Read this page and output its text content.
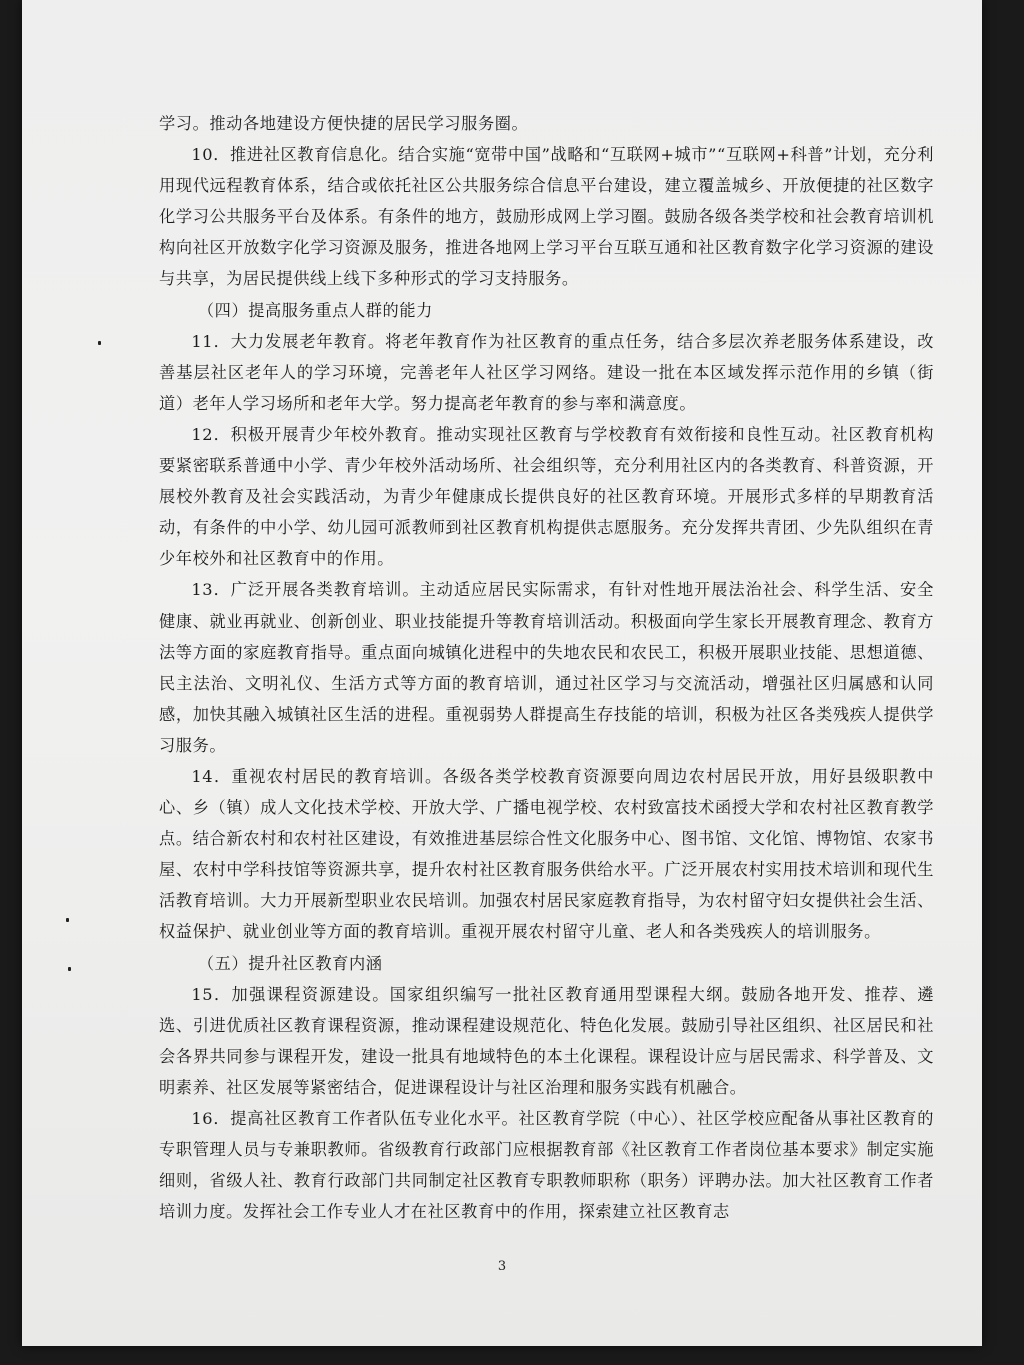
学习。推动各地建设方便快捷的居民学习服务圈。

10．推进社区教育信息化。结合实施“宽带中国”战略和“互联网+城市”“互联网+科普”计划，充分利用现代远程教育体系，结合或依托社区公共服务综合信息平台建设，建立覆盖城乡、开放便捷的社区数字化学习公共服务平台及体系。有条件的地方，鼓励形成网上学习圈。鼓励各级各类学校和社会教育培训机构向社区开放数字化学习资源及服务，推进各地网上学习平台互联互通和社区教育数字化学习资源的建设与共享，为居民提供线上线下多种形式的学习支持服务。

（四）提高服务重点人群的能力

11．大力发展老年教育。将老年教育作为社区教育的重点任务，结合多层次养老服务体系建设，改善基层社区老年人的学习环境，完善老年人社区学习网络。建设一批在本区域发挥示范作用的乡镇（街道）老年人学习场所和老年大学。努力提高老年教育的参与率和满意度。

12．积极开展青少年校外教育。推动实现社区教育与学校教育有效衔接和良性互动。社区教育机构要紧密联系普通中小学、青少年校外活动场所、社会组织等，充分利用社区内的各类教育、科普资源，开展校外教育及社会实践活动，为青少年健康成长提供良好的社区教育环境。开展形式多样的早期教育活动，有条件的中小学、幼儿园可派教师到社区教育机构提供志愿服务。充分发挥共青团、少先队组织在青少年校外和社区教育中的作用。

13．广泛开展各类教育培训。主动适应居民实际需求，有针对性地开展法治社会、科学生活、安全健康、就业再就业、创新创业、职业技能提升等教育培训活动。积极面向学生家长开展教育理念、教育方法等方面的家庭教育指导。重点面向城镇化进程中的失地农民和农民工，积极开展职业技能、思想道德、民主法治、文明礼仪、生活方式等方面的教育培训，通过社区学习与交流活动，增强社区归属感和认同感，加快其融入城镇社区生活的进程。重视弱势人群提高生存技能的培训，积极为社区各类残疾人提供学习服务。

14．重视农村居民的教育培训。各级各类学校教育资源要向周边农村居民开放，用好县级职教中心、乡（镇）成人文化技术学校、开放大学、广播电视学校、农村致富技术函授大学和农村社区教育教学点。结合新农村和农村社区建设，有效推进基层综合性文化服务中心、图书馆、文化馆、博物馆、农家书屋、农村中学科技馆等资源共享，提升农村社区教育服务供给水平。广泛开展农村实用技术培训和现代生活教育培训。大力开展新型职业农民培训。加强农村居民家庭教育指导，为农村留守妇女提供社会生活、权益保护、就业创业等方面的教育培训。重视开展农村留守儿童、老人和各类残疾人的培训服务。

（五）提升社区教育内涵

15．加强课程资源建设。国家组织编写一批社区教育通用型课程大纲。鼓励各地开发、推荐、遴选、引进优质社区教育课程资源，推动课程建设规范化、特色化发展。鼓励引导社区组织、社区居民和社会各界共同参与课程开发，建设一批具有地域特色的本土化课程。课程设计应与居民需求、科学普及、文明素养、社区发展等紧密结合，促进课程设计与社区治理和服务实践有机融合。

16．提高社区教育工作者队伍专业化水平。社区教育学院（中心）、社区学校应配备从事社区教育的专职管理人员与专兼职教师。省级教育行政部门应根据教育部《社区教育工作者岗位基本要求》制定实施细则，省级人社、教育行政部门共同制定社区教育专职教师职称（职务）评聘办法。加大社区教育工作者培训力度。发挥社会工作专业人才在社区教育中的作用，探索建立社区教育志

3
